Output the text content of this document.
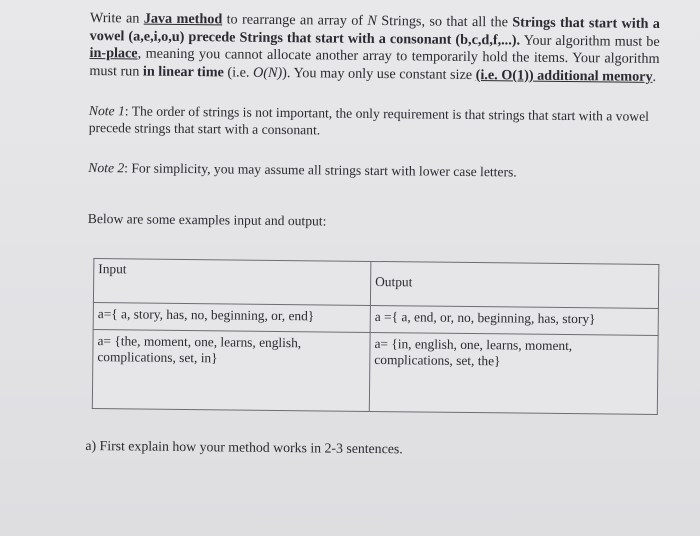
Write an Java method to rearrange an array of N Strings, so that all the Strings that start with a vowel (a,e,i,o,u) precede Strings that start with a consonant (b,c,d,f,...). Your algorithm must be in-place, meaning you cannot allocate another array to temporarily hold the items. Your algorithm must run in linear time (i.e. O(N)). You may only use constant size (i.e. O(1)) additional memory.

Note 1: The order of strings is not important, the only requirement is that strings that start with a vowel precede strings that start with a consonant.

Note 2: For simplicity, you may assume all strings start with lower case letters.

Below are some examples input and output:

Input	Output
a={ a, story, has, no, beginning, or, end}	a ={ a, end, or, no, beginning, has, story}
a= {the, moment, one, learns, english, complications, set, in}	a= {in, english, one, learns, moment, complications, set, the}

a) First explain how your method works in 2-3 sentences.
